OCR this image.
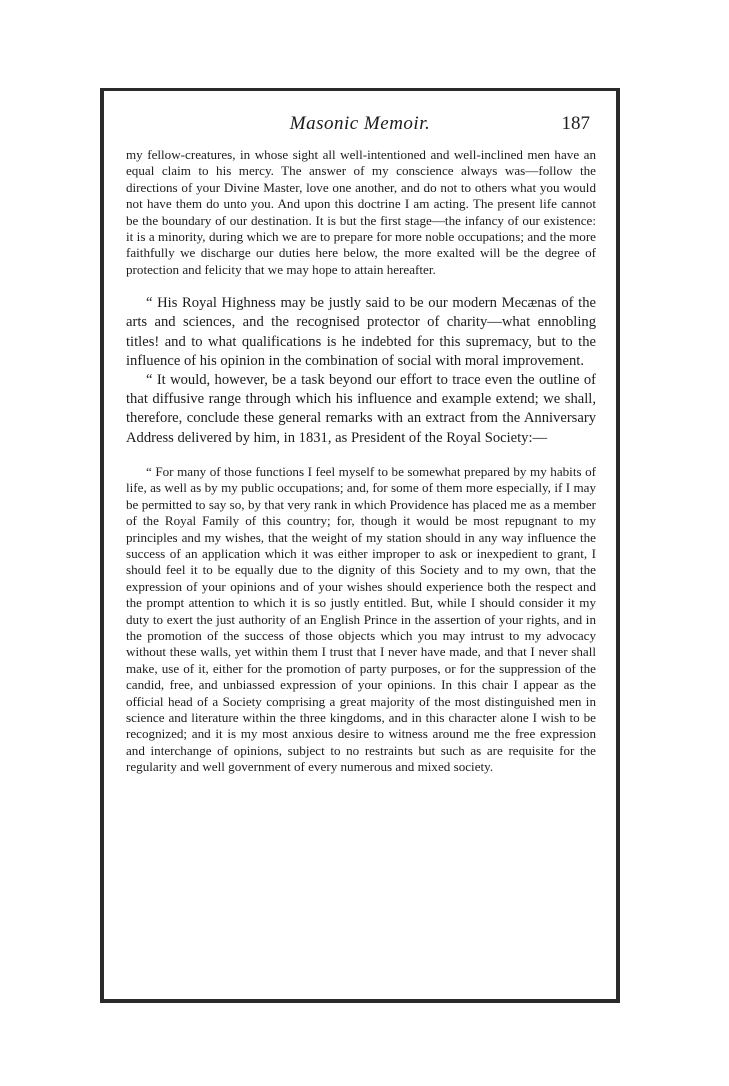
Masonic Memoir.	187

my fellow-creatures, in whose sight all well-intentioned and well-inclined men have an equal claim to his mercy. The answer of my conscience always was—follow the directions of your Divine Master, love one another, and do not to others what you would not have them do unto you. And upon this doctrine I am acting. The present life cannot be the boundary of our destination. It is but the first stage—the infancy of our existence: it is a minority, during which we are to prepare for more noble occupations; and the more faithfully we discharge our duties here below, the more exalted will be the degree of protection and felicity that we may hope to attain hereafter.

“ His Royal Highness may be justly said to be our modern Mecænas of the arts and sciences, and the recognised protector of charity—what ennobling titles! and to what qualifications is he indebted for this supremacy, but to the influence of his opinion in the combination of social with moral improvement.

“ It would, however, be a task beyond our effort to trace even the outline of that diffusive range through which his influence and example extend; we shall, therefore, conclude these general remarks with an extract from the Anniversary Address delivered by him, in 1831, as President of the Royal Society:—

“ For many of those functions I feel myself to be somewhat prepared by my habits of life, as well as by my public occupations; and, for some of them more especially, if I may be permitted to say so, by that very rank in which Providence has placed me as a member of the Royal Family of this country; for, though it would be most repugnant to my principles and my wishes, that the weight of my station should in any way influence the success of an application which it was either improper to ask or inexpedient to grant, I should feel it to be equally due to the dignity of this Society and to my own, that the expression of your opinions and of your wishes should experience both the respect and the prompt attention to which it is so justly entitled. But, while I should consider it my duty to exert the just authority of an English Prince in the assertion of your rights, and in the promotion of the success of those objects which you may intrust to my advocacy without these walls, yet within them I trust that I never have made, and that I never shall make, use of it, either for the promotion of party purposes, or for the suppression of the candid, free, and unbiassed expression of your opinions. In this chair I appear as the official head of a Society comprising a great majority of the most distinguished men in science and literature within the three kingdoms, and in this character alone I wish to be recognized; and it is my most anxious desire to witness around me the free expression and interchange of opinions, subject to no restraints but such as are requisite for the regularity and well government of every numerous and mixed society.
